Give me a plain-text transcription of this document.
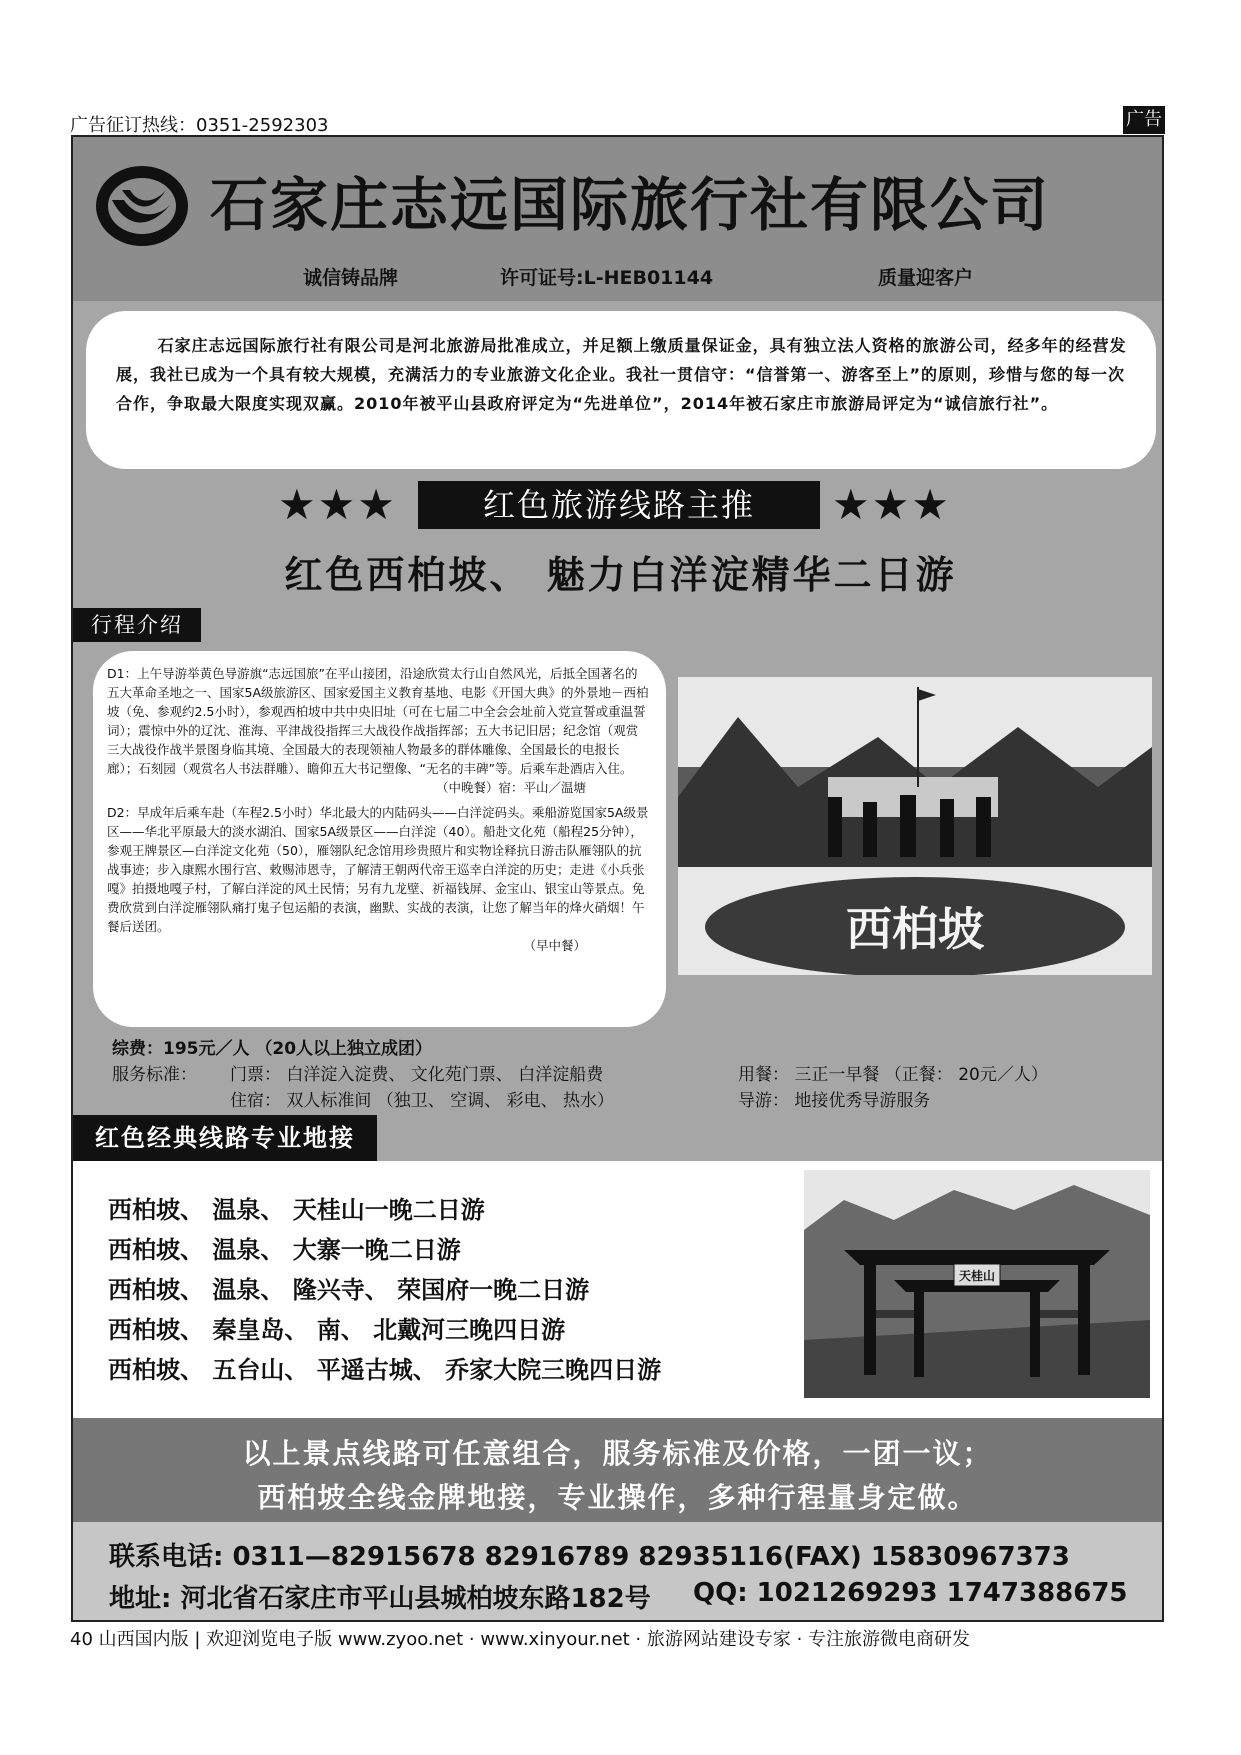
广告征订热线：0351-2592303	广告
石家庄志远国际旅行社有限公司
诚信铸品牌	许可证号:L-HEB01144	质量迎客户

石家庄志远国际旅行社有限公司是河北旅游局批准成立，并足额上缴质量保证金，具有独立法人资格的旅游公司，经多年的经营发展，我社已成为一个具有较大规模，充满活力的专业旅游文化企业。我社一贯信守：“信誉第一、游客至上”的原则，珍惜与您的每一次合作，争取最大限度实现双赢。2010年被平山县政府评定为“先进单位”，2014年被石家庄市旅游局评定为“诚信旅行社”。

★★★	红色旅游线路主推	★★★
红色西柏坡、 魅力白洋淀精华二日游
行程介绍
D1：上午导游举黄色导游旗“志远国旅”在平山接团，沿途欣赏太行山自然风光，后抵全国著名的五大革命圣地之一、国家5A级旅游区、国家爱国主义教育基地、电影《开国大典》的外景地－西柏坡（免、参观约2.5小时），参观西柏坡中共中央旧址（可在七届二中全会会址前入党宣誓或重温誓词）；震惊中外的辽沈、淮海、平津战役指挥三大战役作战指挥部；五大书记旧居；纪念馆（观赏三大战役作战半景图身临其境、全国最大的表现领袖人物最多的群体雕像、全国最长的电报长廊）；石刻园（观赏名人书法群雕）、瞻仰五大书记塑像、“无名的丰碑”等。后乘车赴酒店入住。
（中晚餐）宿：平山／温塘
D2：早成年后乘车赴（车程2.5小时）华北最大的内陆码头——白洋淀码头。乘船游览国家5A级景区——华北平原最大的淡水湖泊、国家5A级景区——白洋淀（40）。船赴文化苑（船程25分钟），参观王牌景区—白洋淀文化苑（50），雁翎队纪念馆用珍贵照片和实物诠释抗日游击队雁翎队的抗战事迹；步入康熙水围行宫、敕赐沛恩寺，了解清王朝两代帝王巡幸白洋淀的历史；走进《小兵张嘎》拍摄地嘎子村，了解白洋淀的风土民情；另有九龙壁、祈福钱屏、金宝山、银宝山等景点。免费欣赏到白洋淀雁翎队痛打鬼子包运船的表演，幽默、实战的表演，让您了解当年的烽火硝烟！午餐后送团。
（早中餐）	西柏坡
综费：195元／人 （20人以上独立成团）
服务标准： 门票： 白洋淀入淀费、 文化苑门票、 白洋淀船费	用餐： 三正一早餐 （正餐： 20元／人）
住宿： 双人标准间 （独卫、 空调、 彩电、 热水）	导游： 地接优秀导游服务
红色经典线路专业地接
西柏坡、 温泉、 天桂山一晚二日游
西柏坡、 温泉、 大寨一晚二日游
西柏坡、 温泉、 隆兴寺、 荣国府一晚二日游
西柏坡、 秦皇岛、 南、 北戴河三晚四日游
西柏坡、 五台山、 平遥古城、 乔家大院三晚四日游
天桂山
以上景点线路可任意组合，服务标准及价格，一团一议；
西柏坡全线金牌地接，专业操作，多种行程量身定做。
联系电话: 0311—82915678 82916789 82935116(FAX) 15830967373
地址: 河北省石家庄市平山县城柏坡东路182号 QQ: 1021269293 1747388675
40 山西国内版 | 欢迎浏览电子版 www.zyoo.net · www.xinyour.net · 旅游网站建设专家 · 专注旅游微电商研发
